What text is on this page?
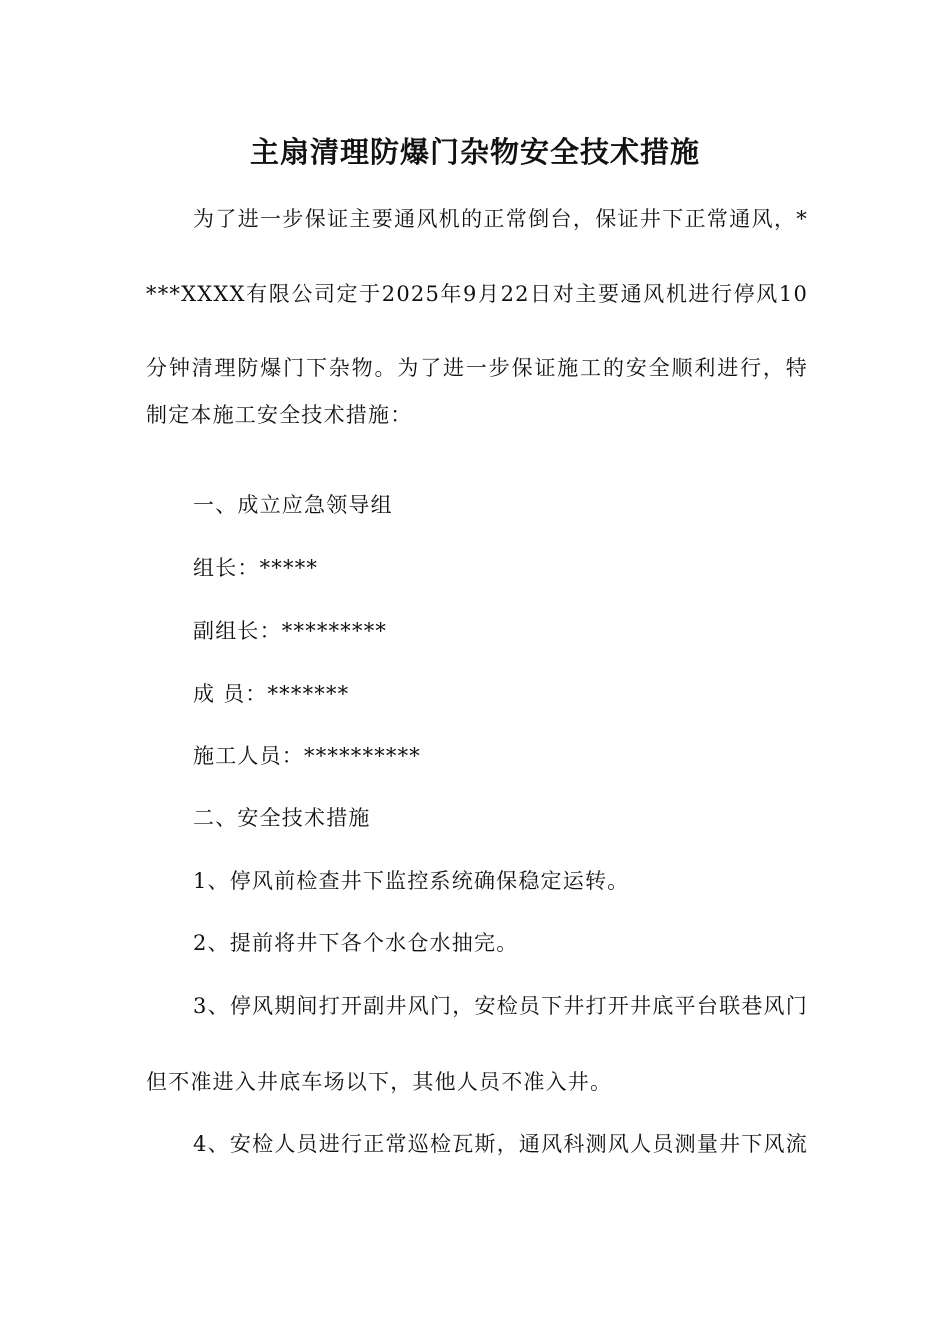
主扇清理防爆门杂物安全技术措施

为了进一步保证主要通风机的正常倒台，保证井下正常通风，*

***XXXX有限公司定于2025年9月22日对主要通风机进行停风10

分钟清理防爆门下杂物。为了进一步保证施工的安全顺利进行，特

制定本施工安全技术措施：

一、成立应急领导组

组长：*****

副组长：*********

成 员：*******

施工人员：**********

二、安全技术措施

1、停风前检查井下监控系统确保稳定运转。

2、提前将井下各个水仓水抽完。

3、停风期间打开副井风门，安检员下井打开井底平台联巷风门

但不准进入井底车场以下，其他人员不准入井。

4、安检人员进行正常巡检瓦斯，通风科测风人员测量井下风流
